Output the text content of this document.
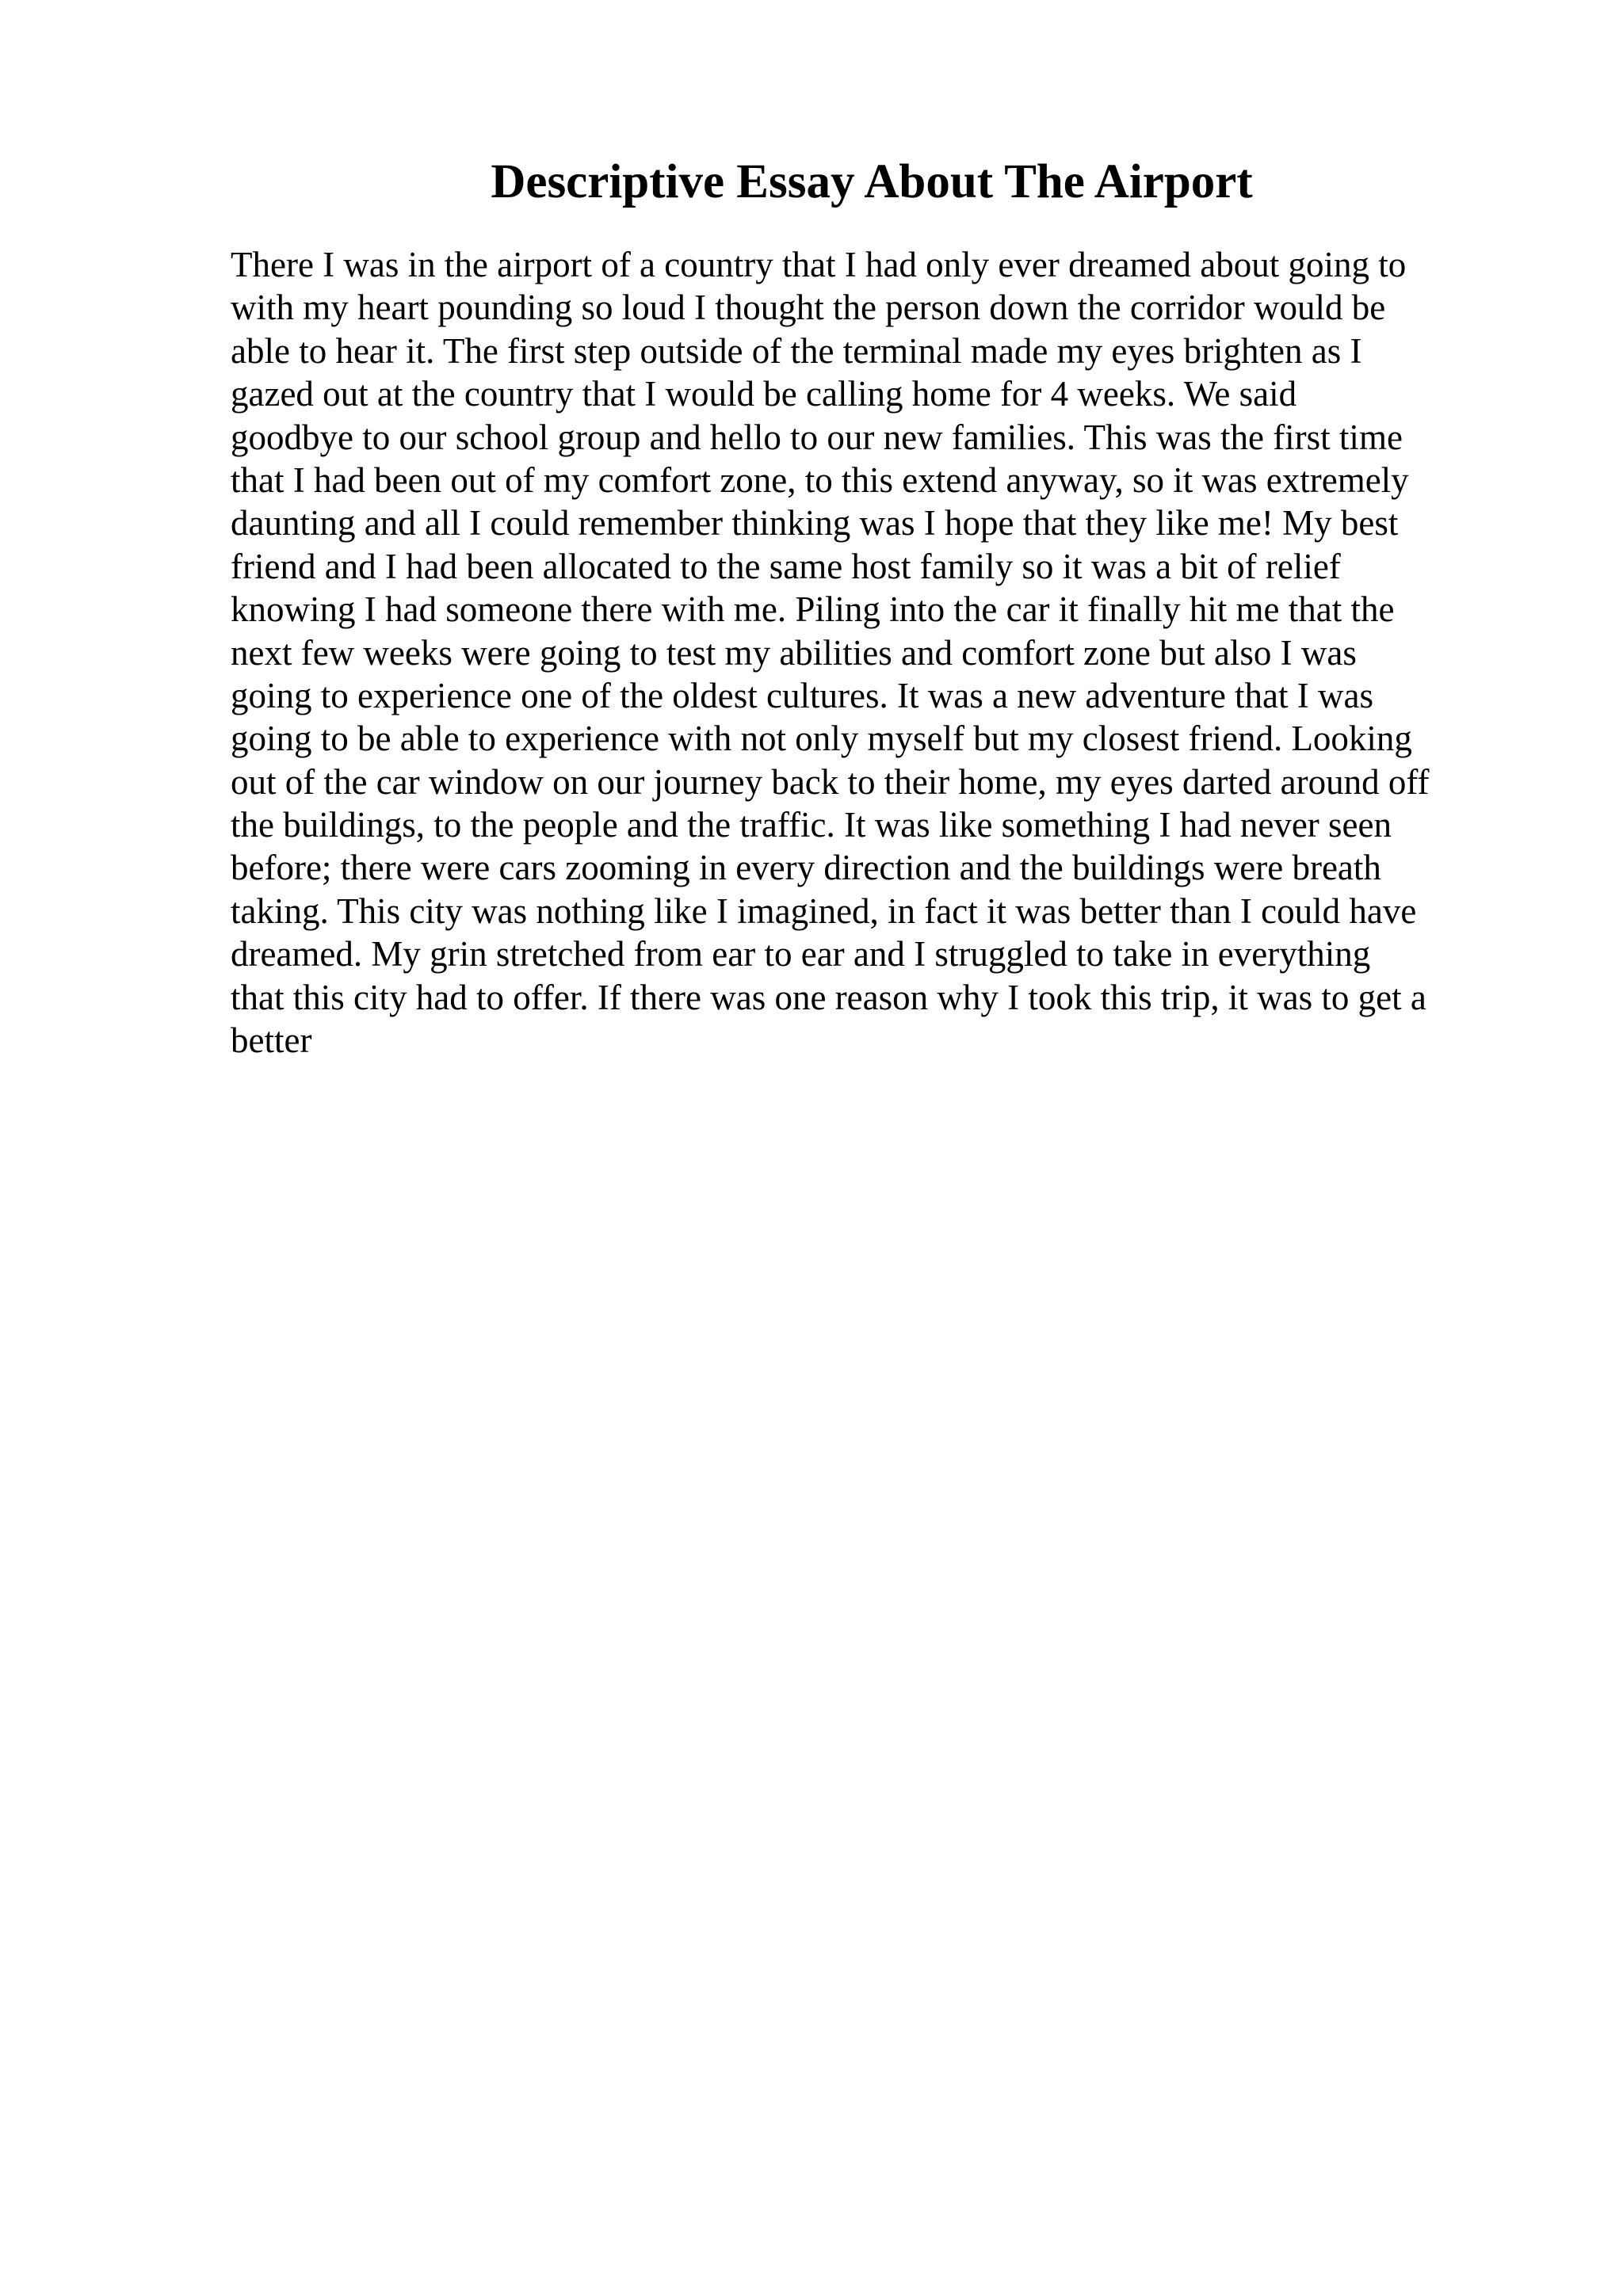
Descriptive Essay About The Airport
There I was in the airport of a country that I had only ever dreamed about going to
with my heart pounding so loud I thought the person down the corridor would be
able to hear it. The first step outside of the terminal made my eyes brighten as I
gazed out at the country that I would be calling home for 4 weeks. We said
goodbye to our school group and hello to our new families. This was the first time
that I had been out of my comfort zone, to this extend anyway, so it was extremely
daunting and all I could remember thinking was I hope that they like me! My best
friend and I had been allocated to the same host family so it was a bit of relief
knowing I had someone there with me. Piling into the car it finally hit me that the
next few weeks were going to test my abilities and comfort zone but also I was
going to experience one of the oldest cultures. It was a new adventure that I was
going to be able to experience with not only myself but my closest friend. Looking
out of the car window on our journey back to their home, my eyes darted around off
the buildings, to the people and the traffic. It was like something I had never seen
before; there were cars zooming in every direction and the buildings were breath
taking. This city was nothing like I imagined, in fact it was better than I could have
dreamed. My grin stretched from ear to ear and I struggled to take in everything
that this city had to offer. If there was one reason why I took this trip, it was to get a
better
